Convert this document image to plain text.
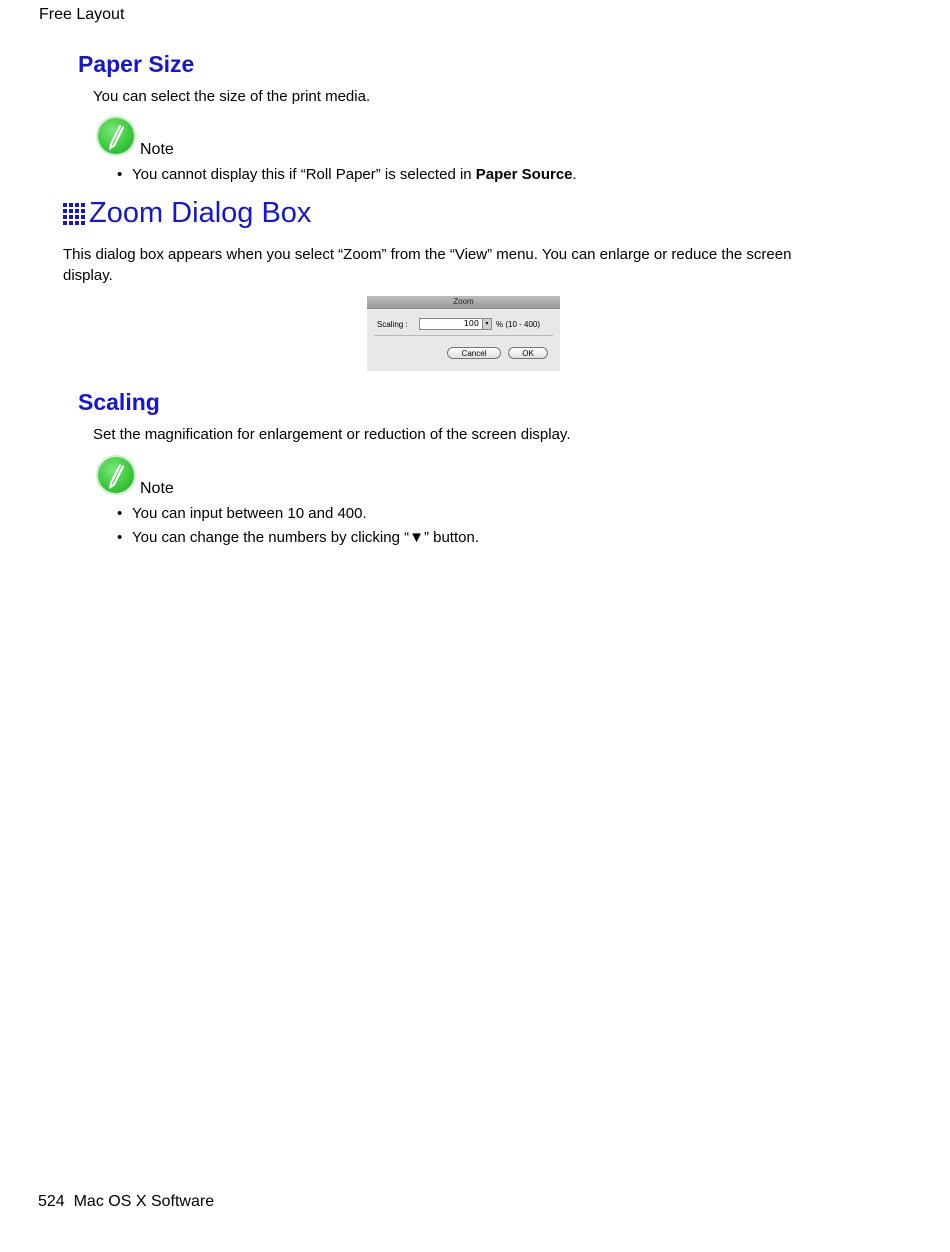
Free Layout
Paper Size
You can select the size of the print media.
Note
• You cannot display this if “Roll Paper” is selected in Paper Source.
Zoom Dialog Box
This dialog box appears when you select “Zoom” from the “View” menu. You can enlarge or reduce the screen
display.
Zoom
Scaling :	100	▾ % (10 - 400)
Cancel	OK
Scaling
Set the magnification for enlargement or reduction of the screen display.
Note
• You can input between 10 and 400.
• You can change the numbers by clicking “▼” button.
524 Mac OS X Software
